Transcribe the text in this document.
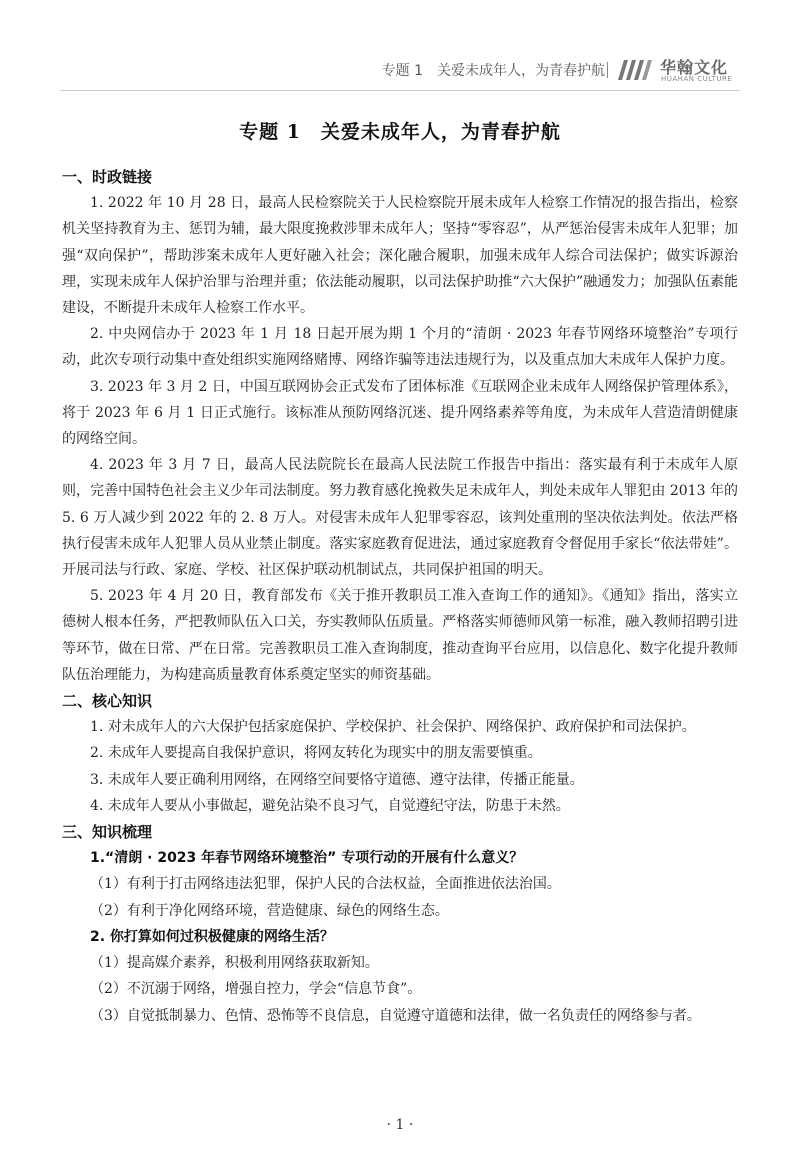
专题 1　关爱未成年人，为青春护航	华翰文化
HUAHAN CULTURE
专题 1　关爱未成年人，为青春护航

一、时政链接

1. 2022 年 10 月 28 日，最高人民检察院关于人民检察院开展未成年人检察工作情况的报告指出，检察机关坚持教育为主、惩罚为辅，最大限度挽救涉罪未成年人；坚持“零容忍”，从严惩治侵害未成年人犯罪；加强“双向保护”，帮助涉案未成年人更好融入社会；深化融合履职，加强未成年人综合司法保护；做实诉源治理，实现未成年人保护治罪与治理并重；依法能动履职，以司法保护助推“六大保护”融通发力；加强队伍素能建设，不断提升未成年人检察工作水平。

2. 中央网信办于 2023 年 1 月 18 日起开展为期 1 个月的“清朗 · 2023 年春节网络环境整治”专项行动，此次专项行动集中查处组织实施网络赌博、网络诈骗等违法违规行为，以及重点加大未成年人保护力度。

3. 2023 年 3 月 2 日，中国互联网协会正式发布了团体标准《互联网企业未成年人网络保护管理体系》，将于 2023 年 6 月 1 日正式施行。该标准从预防网络沉迷、提升网络素养等角度，为未成年人营造清朗健康的网络空间。

4. 2023 年 3 月 7 日，最高人民法院院长在最高人民法院工作报告中指出：落实最有利于未成年人原则，完善中国特色社会主义少年司法制度。努力教育感化挽救失足未成年人，判处未成年人罪犯由 2013 年的 5. 6 万人减少到 2022 年的 2. 8 万人。对侵害未成年人犯罪零容忍，该判处重刑的坚决依法判处。依法严格执行侵害未成年人犯罪人员从业禁止制度。落实家庭教育促进法，通过家庭教育令督促用手家长“依法带娃”。开展司法与行政、家庭、学校、社区保护联动机制试点，共同保护祖国的明天。

5. 2023 年 4 月 20 日，教育部发布《关于推开教职员工准入查询工作的通知》。《通知》指出，落实立德树人根本任务，严把教师队伍入口关，夯实教师队伍质量。严格落实师德师风第一标准，融入教师招聘引进等环节，做在日常、严在日常。完善教职员工准入查询制度，推动查询平台应用，以信息化、数字化提升教师队伍治理能力，为构建高质量教育体系奠定坚实的师资基础。

二、核心知识

1. 对未成年人的六大保护包括家庭保护、学校保护、社会保护、网络保护、政府保护和司法保护。

2. 未成年人要提高自我保护意识，将网友转化为现实中的朋友需要慎重。

3. 未成年人要正确利用网络，在网络空间要恪守道德、遵守法律，传播正能量。

4. 未成年人要从小事做起，避免沾染不良习气，自觉遵纪守法，防患于未然。

三、知识梳理

1.“清朗 · 2023 年春节网络环境整治” 专项行动的开展有什么意义？

（1）有利于打击网络违法犯罪，保护人民的合法权益，全面推进依法治国。

（2）有利于净化网络环境，营造健康、绿色的网络生态。

2. 你打算如何过积极健康的网络生活？

（1）提高媒介素养，积极利用网络获取新知。

（2）不沉溺于网络，增强自控力，学会“信息节食”。

（3）自觉抵制暴力、色情、恐怖等不良信息，自觉遵守道德和法律，做一名负责任的网络参与者。

· 1 ·
